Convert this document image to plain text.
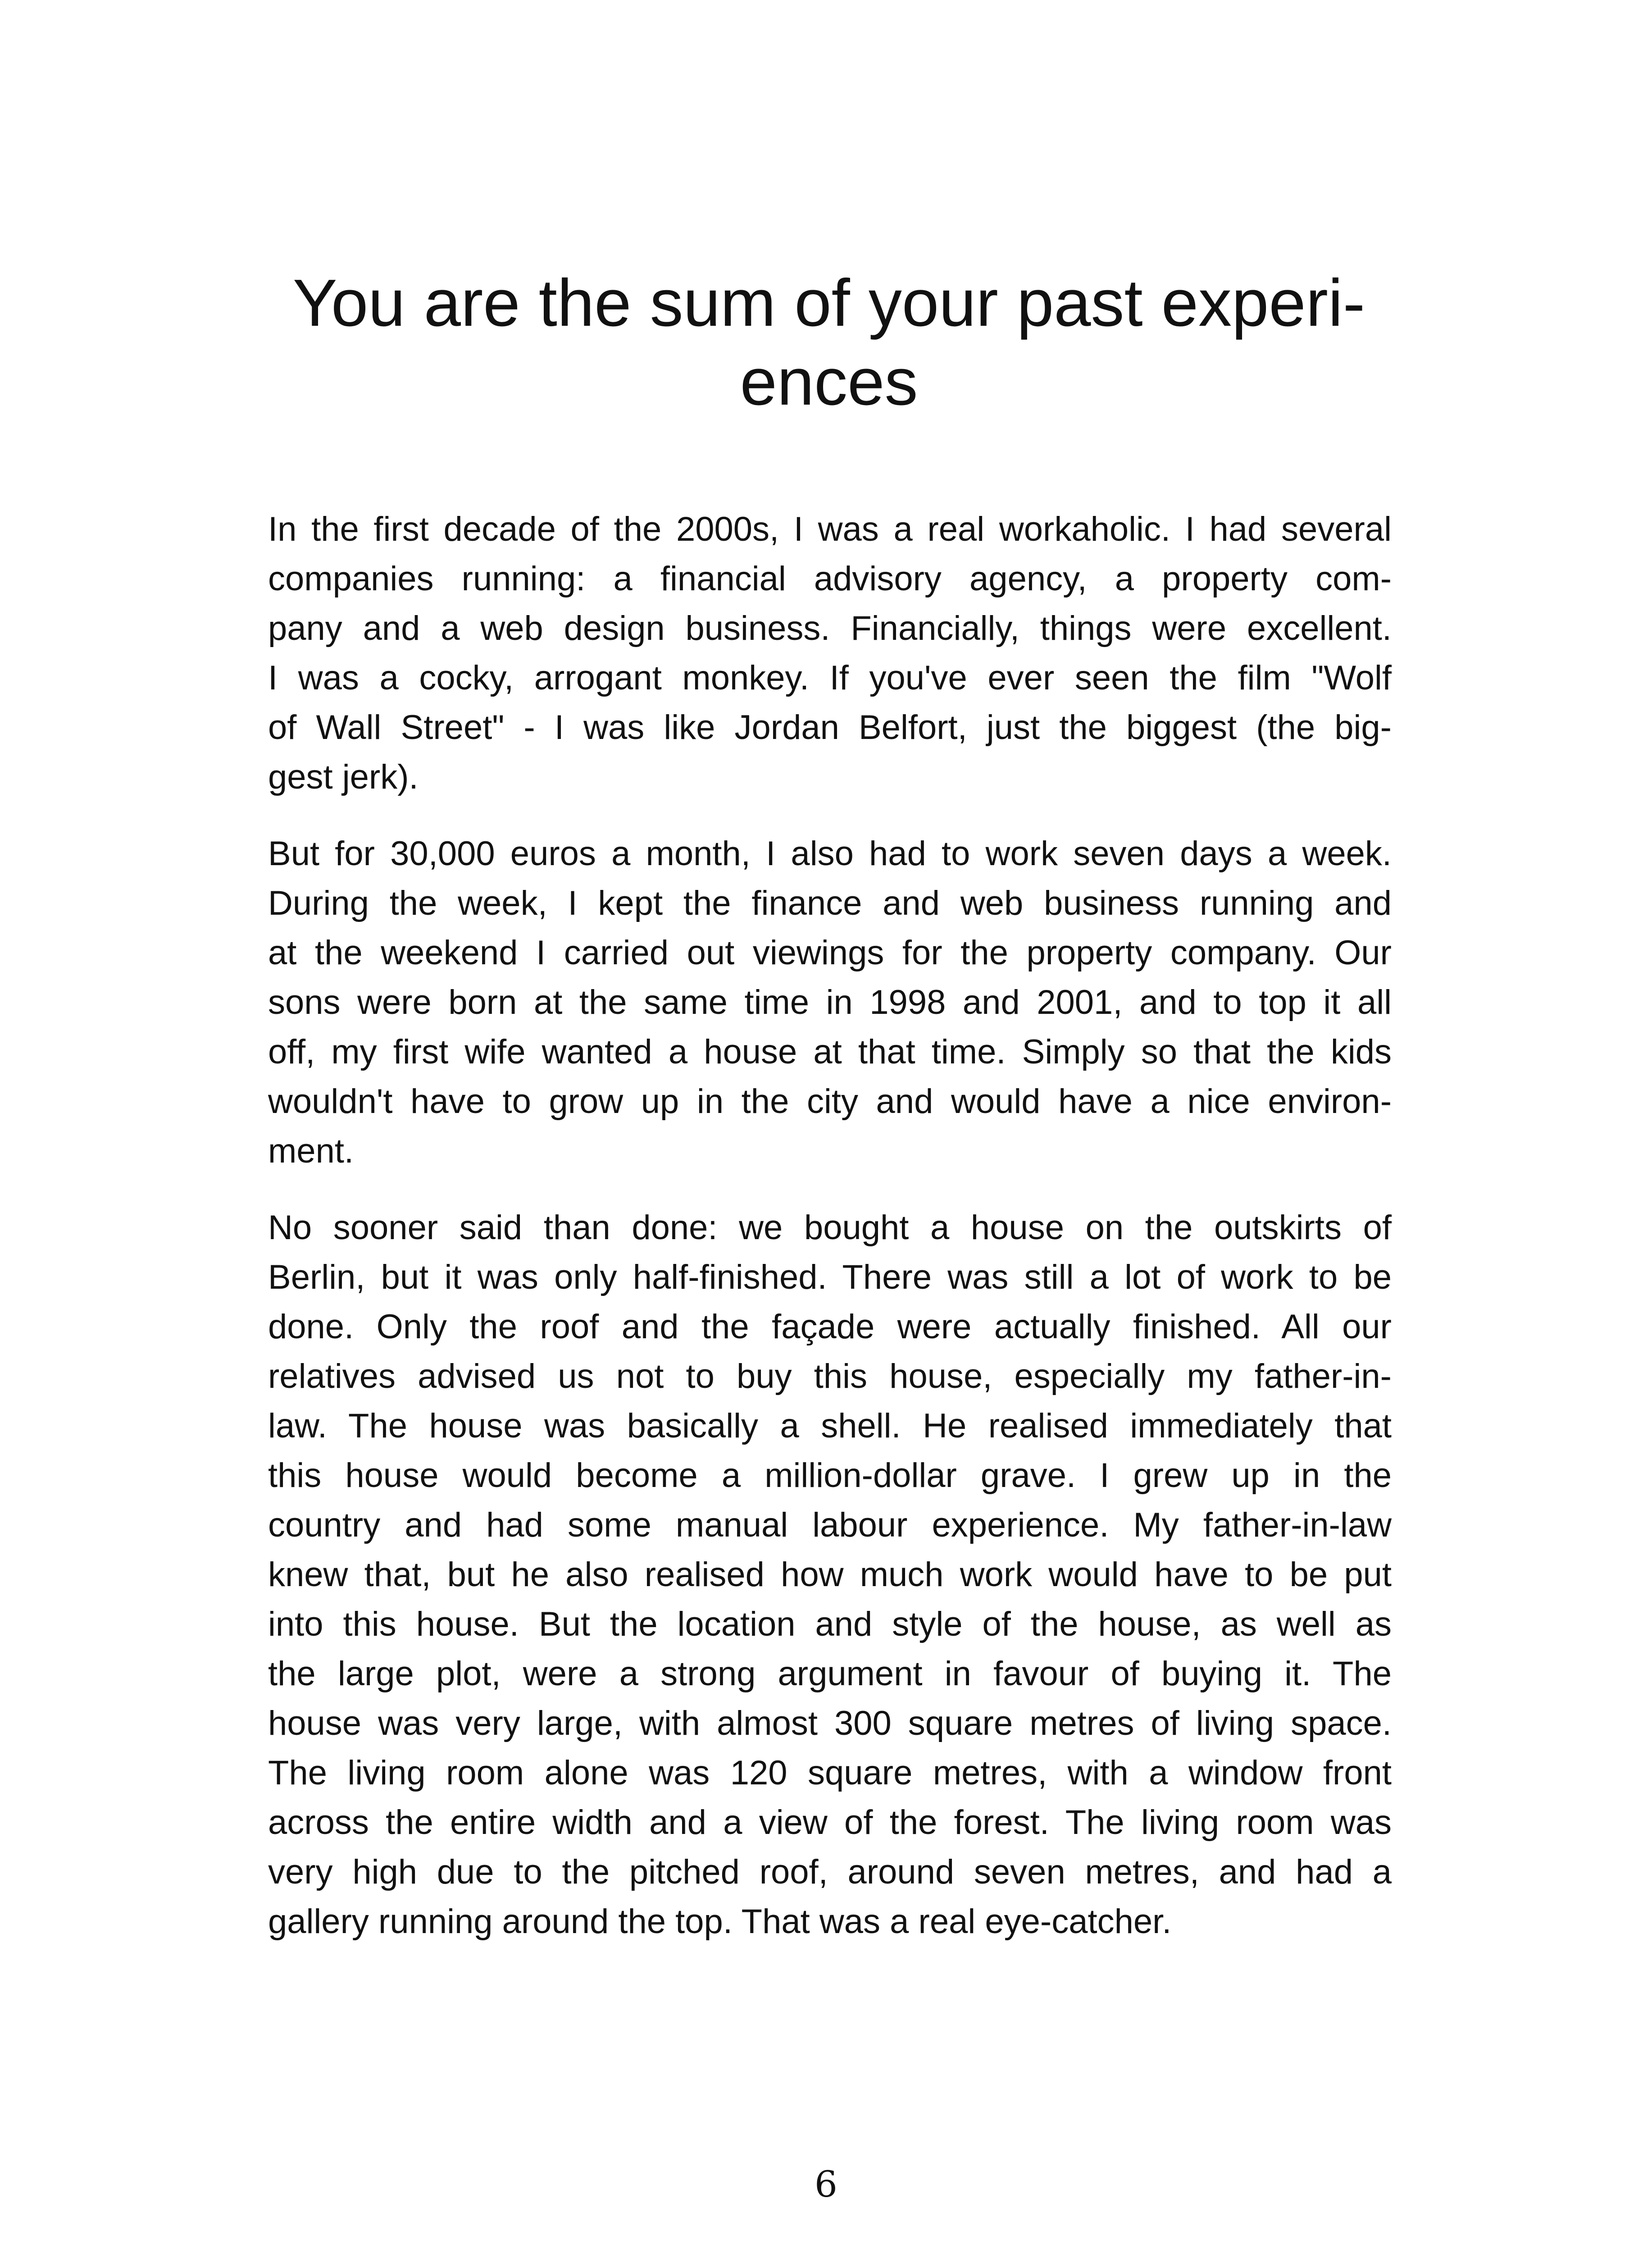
You are the sum of your past experi-
ences

In the first decade of the 2000s, I was a real workaholic. I had several
companies running: a financial advisory agency, a property com-
pany and a web design business. Financially, things were excellent.
I was a cocky, arrogant monkey. If you've ever seen the film "Wolf
of Wall Street" - I was like Jordan Belfort, just the biggest (the big-
gest jerk).

But for 30,000 euros a month, I also had to work seven days a week.
During the week, I kept the finance and web business running and
at the weekend I carried out viewings for the property company. Our
sons were born at the same time in 1998 and 2001, and to top it all
off, my first wife wanted a house at that time. Simply so that the kids
wouldn't have to grow up in the city and would have a nice environ-
ment.

No sooner said than done: we bought a house on the outskirts of
Berlin, but it was only half-finished. There was still a lot of work to be
done. Only the roof and the façade were actually finished. All our
relatives advised us not to buy this house, especially my father-in-
law. The house was basically a shell. He realised immediately that
this house would become a million-dollar grave. I grew up in the
country and had some manual labour experience. My father-in-law
knew that, but he also realised how much work would have to be put
into this house. But the location and style of the house, as well as
the large plot, were a strong argument in favour of buying it. The
house was very large, with almost 300 square metres of living space.
The living room alone was 120 square metres, with a window front
across the entire width and a view of the forest. The living room was
very high due to the pitched roof, around seven metres, and had a
gallery running around the top. That was a real eye-catcher.

6
